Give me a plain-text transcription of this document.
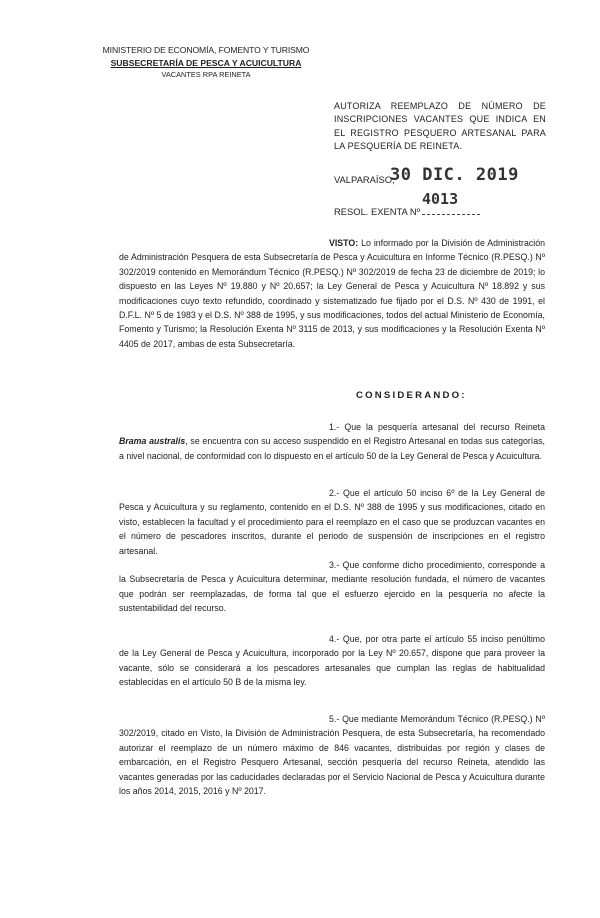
MINISTERIO DE ECONOMÍA, FOMENTO Y TURISMO
SUBSECRETARÍA DE PESCA Y ACUICULTURA
VACANTES RPA REINETA
AUTORIZA REEMPLAZO DE NÚMERO DE INSCRIPCIONES VACANTES QUE INDICA EN EL REGISTRO PESQUERO ARTESANAL PARA LA PESQUERÍA DE REINETA.
VALPARAÍSO,
30 DIC. 2019
RESOL. EXENTA Nº
4013

VISTO: Lo informado por la División de Administración de Administración Pesquera de esta Subsecretaría de Pesca y Acuicultura en Informe Técnico (R.PESQ.) Nº 302/2019 contenido en Memorándum Técnico (R.PESQ.) Nº 302/2019 de fecha 23 de diciembre de 2019; lo dispuesto en las Leyes Nº 19.880 y Nº 20.657; la Ley General de Pesca y Acuicultura Nº 18.892 y sus modificaciones cuyo texto refundido, coordinado y sistematizado fue fijado por el D.S. Nº 430 de 1991, el D.F.L. Nº 5 de 1983 y el D.S. Nº 388 de 1995, y sus modificaciones, todos del actual Ministerio de Economía, Fomento y Turismo; la Resolución Exenta Nº 3115 de 2013, y sus modificaciones y la Resolución Exenta Nº 4405 de 2017, ambas de esta Subsecretaría.

CONSIDERANDO:

1.- Que la pesquería artesanal del recurso Reineta Brama australis, se encuentra con su acceso suspendido en el Registro Artesanal en todas sus categorías, a nivel nacional, de conformidad con lo dispuesto en el artículo 50 de la Ley General de Pesca y Acuicultura.

2.- Que el artículo 50 inciso 6º de la Ley General de Pesca y Acuicultura y su reglamento, contenido en el D.S. Nº 388 de 1995 y sus modificaciones, citado en visto, establecen la facultad y el procedimiento para el reemplazo en el caso que se produzcan vacantes en el número de pescadores inscritos, durante el periodo de suspensión de inscripciones en el registro artesanal.

3.- Que conforme dicho procedimiento, corresponde a la Subsecretaría de Pesca y Acuicultura determinar, mediante resolución fundada, el número de vacantes que podrán ser reemplazadas, de forma tal que el esfuerzo ejercido en la pesquería no afecte la sustentabilidad del recurso.

4.- Que, por otra parte el artículo 55 inciso penúltimo de la Ley General de Pesca y Acuicultura, incorporado por la Ley Nº 20.657, dispone que para proveer la vacante, sólo se considerará a los pescadores artesanales que cumplan las reglas de habitualidad establecidas en el artículo 50 B de la misma ley.

5.- Que mediante Memorándum Técnico (R.PESQ.) Nº 302/2019, citado en Visto, la División de Administración Pesquera, de esta Subsecretaría, ha recomendado autorizar el reemplazo de un número máximo de 846 vacantes, distribuidas por región y clases de embarcación, en el Registro Pesquero Artesanal, sección pesquería del recurso Reineta, atendido las vacantes generadas por las caducidades declaradas por el Servicio Nacional de Pesca y Acuicultura durante los años 2014, 2015, 2016 y Nº 2017.
